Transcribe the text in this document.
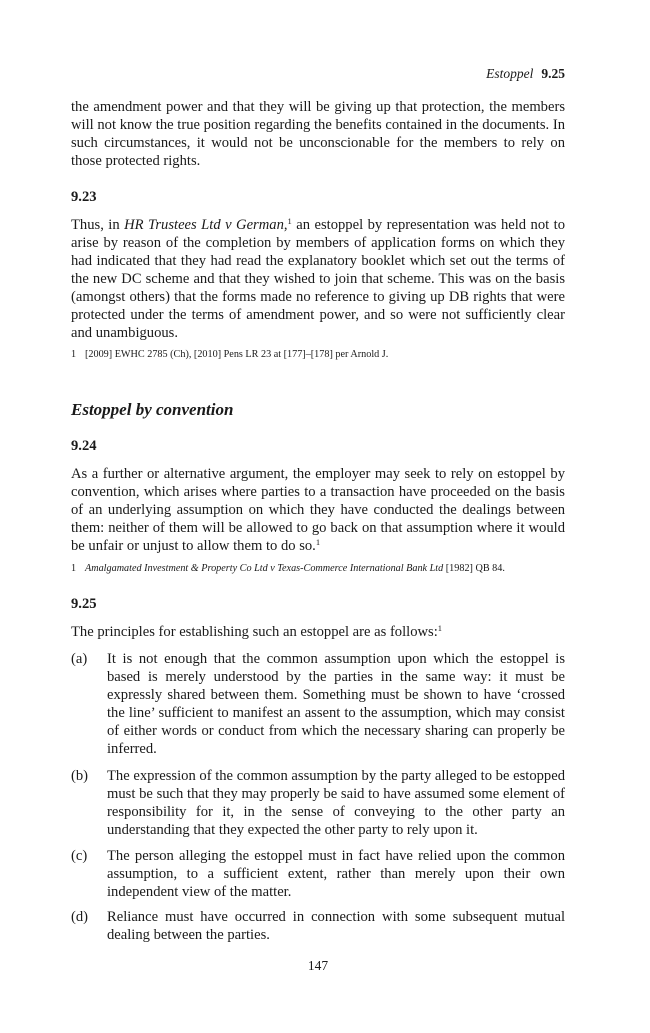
Estoppel 9.25

the amendment power and that they will be giving up that protection, the members will not know the true position regarding the benefits contained in the documents. In such circumstances, it would not be unconscionable for the members to rely on those protected rights.

9.23

Thus, in HR Trustees Ltd v German,$^1$ an estoppel by representation was held not to arise by reason of the completion by members of application forms on which they had indicated that they had read the explanatory booklet which set out the terms of the new DC scheme and that they wished to join that scheme. This was on the basis (amongst others) that the forms made no reference to giving up DB rights that were protected under the terms of amendment power, and so were not sufficiently clear and unambiguous.

1 [2009] EWHC 2785 (Ch), [2010] Pens LR 23 at [177]–[178] per Arnold J.

Estoppel by convention

9.24

As a further or alternative argument, the employer may seek to rely on estoppel by convention, which arises where parties to a transaction have proceeded on the basis of an underlying assumption on which they have conducted the dealings between them: neither of them will be allowed to go back on that assumption where it would be unfair or unjust to allow them to do so.$^1$

1 Amalgamated Investment & Property Co Ltd v Texas-Commerce International Bank Ltd [1982] QB 84.

9.25

The principles for establishing such an estoppel are as follows:$^1$

(a) It is not enough that the common assumption upon which the estoppel is based is merely understood by the parties in the same way: it must be expressly shared between them. Something must be shown to have ‘crossed the line’ sufficient to manifest an assent to the assumption, which may consist of either words or conduct from which the necessary sharing can properly be inferred.
(b) The expression of the common assumption by the party alleged to be estopped must be such that they may properly be said to have assumed some element of responsibility for it, in the sense of conveying to the other party an understanding that they expected the other party to rely upon it.
(c) The person alleging the estoppel must in fact have relied upon the common assumption, to a sufficient extent, rather than merely upon their own independent view of the matter.
(d) Reliance must have occurred in connection with some subsequent mutual dealing between the parties.
147
